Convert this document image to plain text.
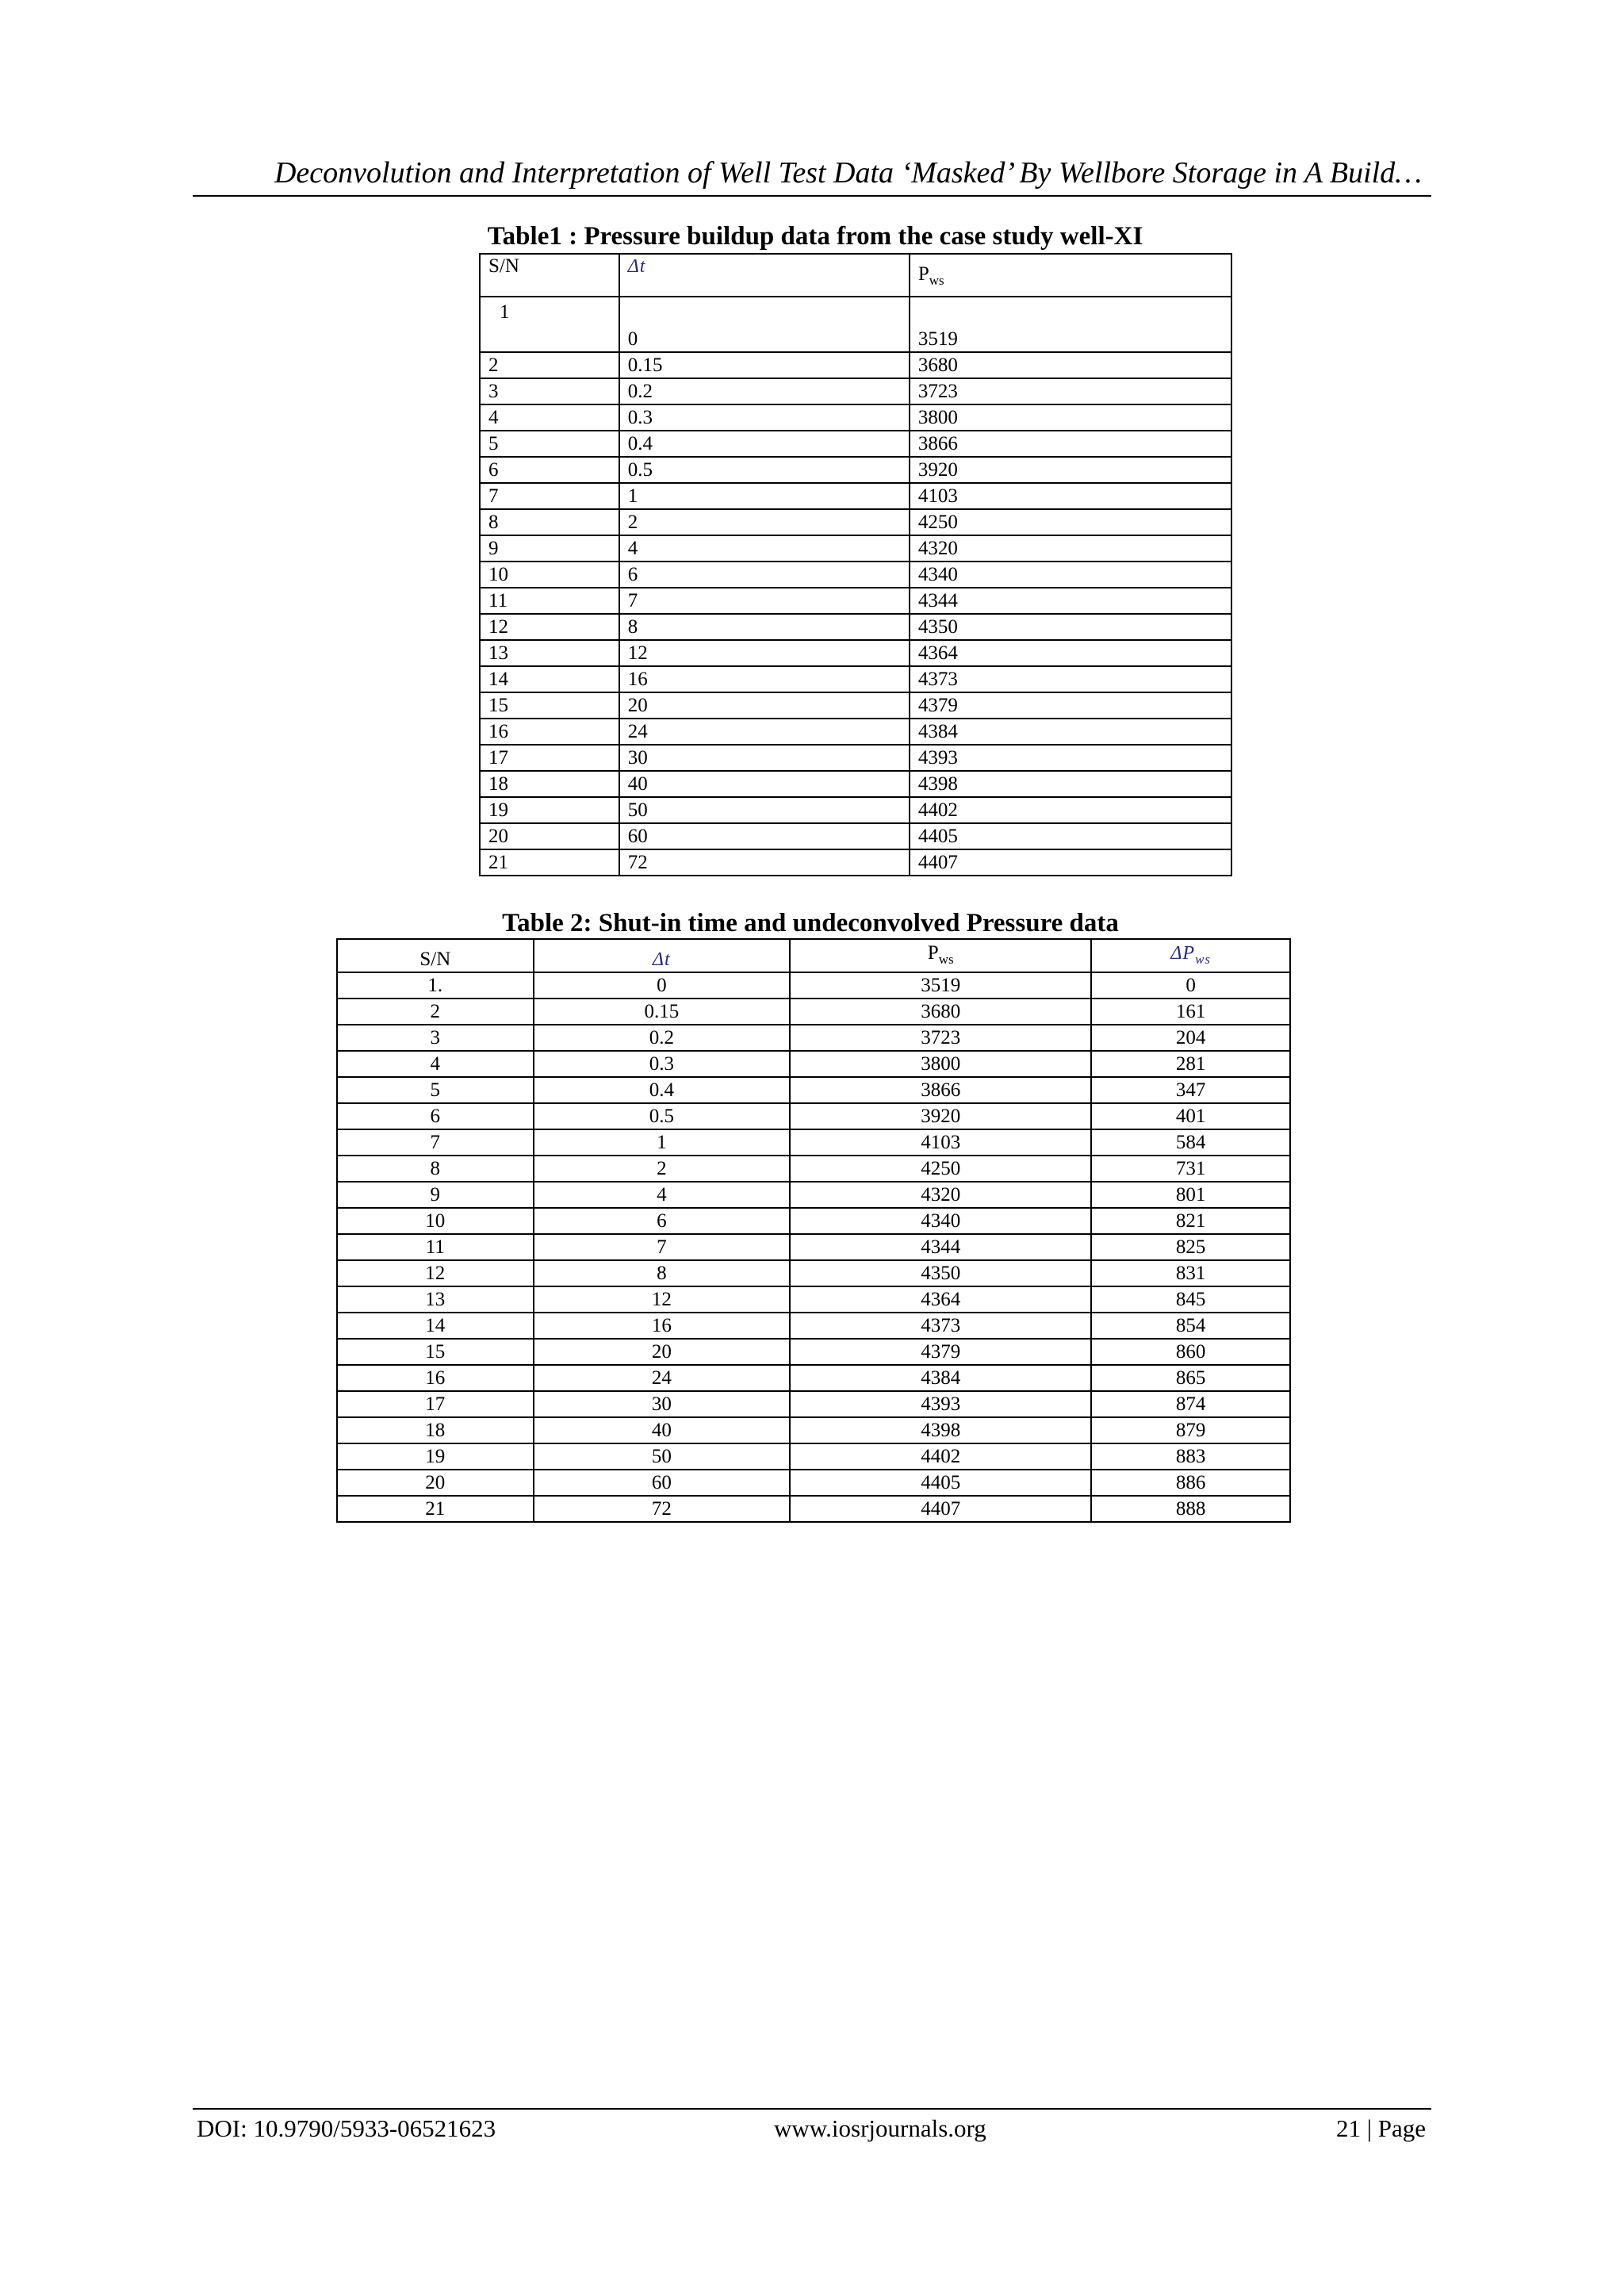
Deconvolution and Interpretation of Well Test Data ‘Masked’ By Wellbore Storage in A Build…
Table1 : Pressure buildup data from the case study well-XI
S/N	Δt	$P_{ws}$
1	0	3519
2	0.15	3680
3	0.2	3723
4	0.3	3800
5	0.4	3866
6	0.5	3920
7	1	4103
8	2	4250
9	4	4320
10	6	4340
11	7	4344
12	8	4350
13	12	4364
14	16	4373
15	20	4379
16	24	4384
17	30	4393
18	40	4398
19	50	4402
20	60	4405
21	72	4407
Table 2: Shut-in time and undeconvolved Pressure data
S/N	Δt	$P_{ws}$	$\Delta P_{ws}$
1.	0	3519	0
2	0.15	3680	161
3	0.2	3723	204
4	0.3	3800	281
5	0.4	3866	347
6	0.5	3920	401
7	1	4103	584
8	2	4250	731
9	4	4320	801
10	6	4340	821
11	7	4344	825
12	8	4350	831
13	12	4364	845
14	16	4373	854
15	20	4379	860
16	24	4384	865
17	30	4393	874
18	40	4398	879
19	50	4402	883
20	60	4405	886
21	72	4407	888
DOI: 10.9790/5933-06521623	www.iosrjournals.org	21 | Page
